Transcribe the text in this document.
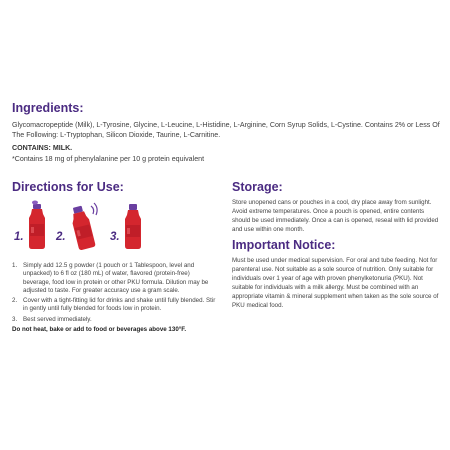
Ingredients:
Glycomacropeptide (Milk), L-Tyrosine, Glycine, L-Leucine, L-Histidine, L-Arginine, Corn Syrup Solids, L-Cystine. Contains 2% or Less Of The Following: L-Tryptophan, Silicon Dioxide, Taurine, L-Carnitine.
CONTAINS: MILK.
*Contains 18 mg of phenylalanine per 10 g protein equivalent
Directions for Use:
1.	2.	3.
1. Simply add 12.5 g powder (1 pouch or 1 Tablespoon, level and unpacked) to 6 fl oz (180 mL) of water, flavored (protein-free) beverage, food low in protein or other PKU formula. Dilution may be adjusted to taste. For greater accuracy use a gram scale.
2. Cover with a tight-fitting lid for drinks and shake until fully blended. Stir in gently until fully blended for foods low in protein.
3. Best served immediately.
Do not heat, bake or add to food or beverages above 130°F.
Storage:
Store unopened cans or pouches in a cool, dry place away from sunlight. Avoid extreme temperatures. Once a pouch is opened, entire contents should be used immediately. Once a can is opened, reseal with lid provided and use within one month.
Important Notice:
Must be used under medical supervision. For oral and tube feeding. Not for parenteral use. Not suitable as a sole source of nutrition. Only suitable for individuals over 1 year of age with proven phenylketonuria (PKU). Not suitable for individuals with a milk allergy. Must be combined with an appropriate vitamin & mineral supplement when taken as the sole source of PKU medical food.
